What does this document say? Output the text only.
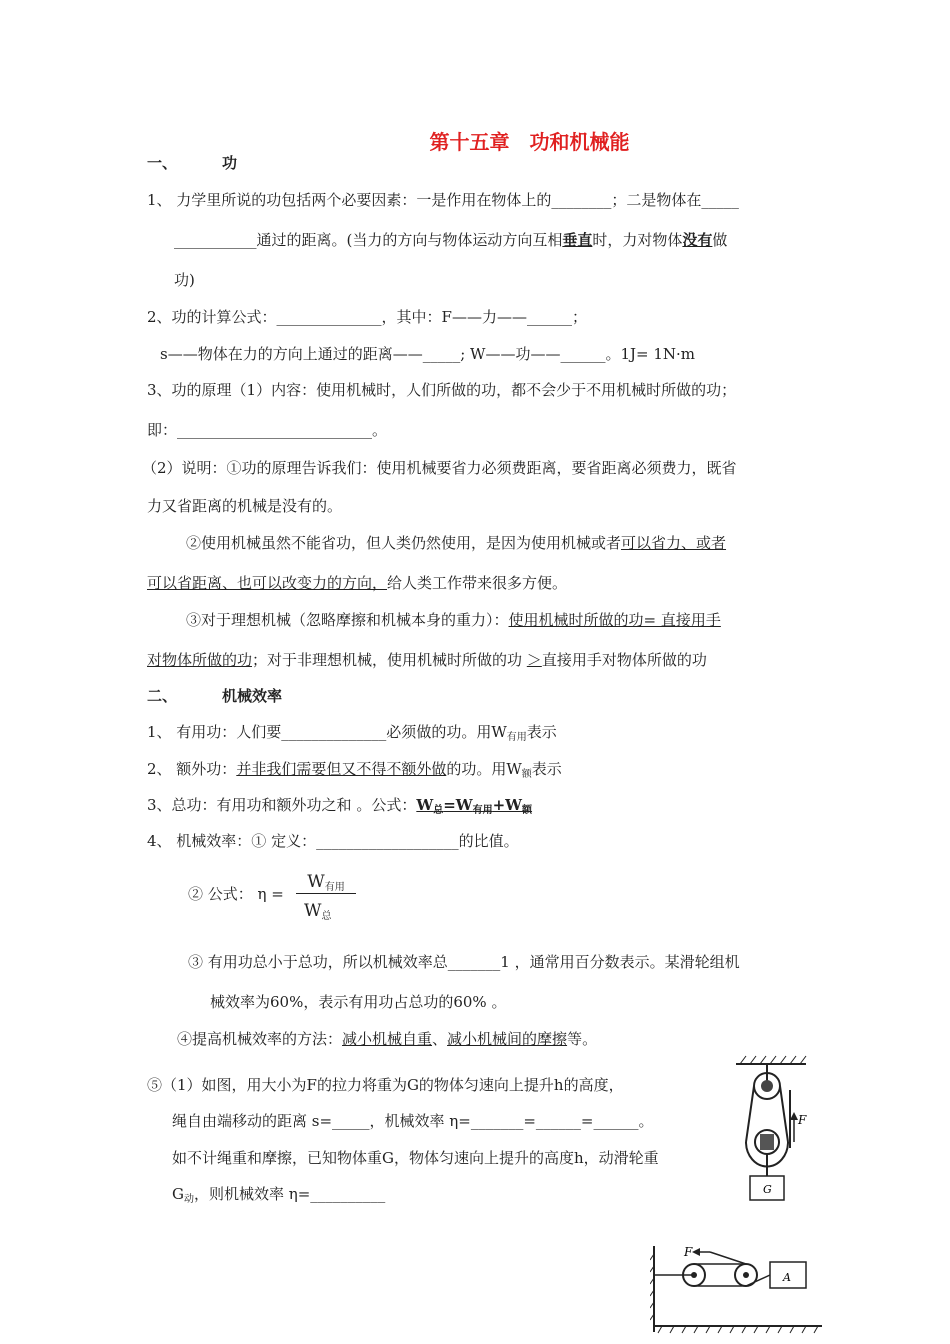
第十五章　功和机械能
一、	功
1、 力学里所说的功包括两个必要因素：一是作用在物体上的________；二是物体在_____
___________通过的距离。(当力的方向与物体运动方向互相垂直时，力对物体没有做
功)
2、功的计算公式：______________，其中：F——力——______；
s——物体在力的方向上通过的距离——_____; W——功——______。1J= 1N·m
3、功的原理（1）内容：使用机械时，人们所做的功，都不会少于不用机械时所做的功；
即：__________________________。
（2）说明：①功的原理告诉我们：使用机械要省力必须费距离，要省距离必须费力，既省
力又省距离的机械是没有的。
②使用机械虽然不能省功，但人类仍然使用，是因为使用机械或者可以省力、或者
可以省距离、也可以改变力的方向，给人类工作带来很多方便。
③对于理想机械（忽略摩擦和机械本身的重力）：使用机械时所做的功= 直接用手
对物体所做的功；对于非理想机械，使用机械时所做的功 ＞直接用手对物体所做的功
二、	机械效率
1、 有用功：人们要______________必须做的功。用$W_{有用}$表示
2、 额外功：并非我们需要但又不得不额外做的功。用$W_额$表示
3、总功：有用功和额外功之和 。公式：$W_总=W_{有用}+W_额$
4、 机械效率：① 定义：___________________的比值。
② 公式： η =
$W_{有用}$
$W_总$
③ 有用功总小于总功，所以机械效率总_______1 ，通常用百分数表示。某滑轮组机
械效率为60%，表示有用功占总功的60% 。
④提高机械效率的方法：减小机械自重、减小机械间的摩擦等。
⑤（1）如图，用大小为F的拉力将重为G的物体匀速向上提升h的高度，
绳自由端移动的距离 s=_____，机械效率 η=_______=______=______。
如不计绳重和摩擦，已知物体重G，物体匀速向上提升的高度h，动滑轮重
$G_动$，则机械效率 η=__________
F
G
F
A
